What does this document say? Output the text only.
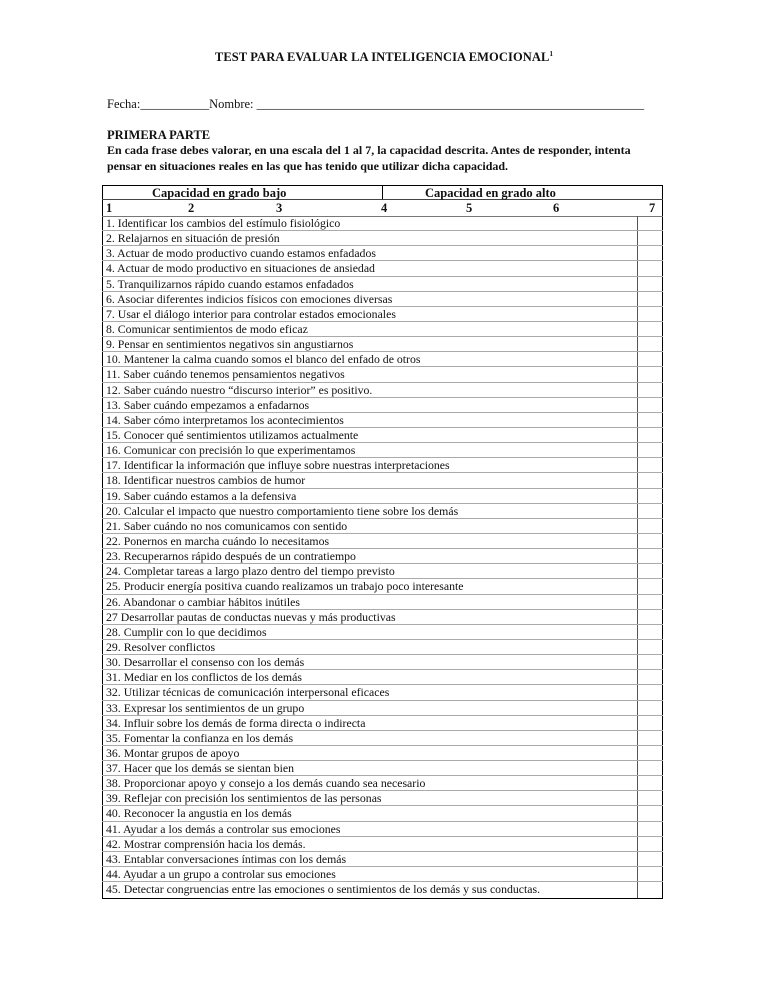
TEST PARA EVALUAR LA INTELIGENCIA EMOCIONAL$^1$
Fecha:___________Nombre: ______________________________________________________________
PRIMERA PARTE
En cada frase debes valorar, en una escala del 1 al 7, la capacidad descrita. Antes de responder, intenta
pensar en situaciones reales en las que has tenido que utilizar dicha capacidad.
Capacidad en grado bajo	Capacidad en grado alto
1	2	3	4	5	6	7
1. Identificar los cambios del estímulo fisiológico
2. Relajarnos en situación de presión
3. Actuar de modo productivo cuando estamos enfadados
4. Actuar de modo productivo en situaciones de ansiedad
5. Tranquilizarnos rápido cuando estamos enfadados
6. Asociar diferentes indicios físicos con emociones diversas
7. Usar el diálogo interior para controlar estados emocionales
8. Comunicar sentimientos de modo eficaz
9. Pensar en sentimientos negativos sin angustiarnos
10. Mantener la calma cuando somos el blanco del enfado de otros
11. Saber cuándo tenemos pensamientos negativos
12. Saber cuándo nuestro “discurso interior” es positivo.
13. Saber cuándo empezamos a enfadarnos
14. Saber cómo interpretamos los acontecimientos
15. Conocer qué sentimientos utilizamos actualmente
16. Comunicar con precisión lo que experimentamos
17. Identificar la información que influye sobre nuestras interpretaciones
18. Identificar nuestros cambios de humor
19. Saber cuándo estamos a la defensiva
20. Calcular el impacto que nuestro comportamiento tiene sobre los demás
21. Saber cuándo no nos comunicamos con sentido
22. Ponernos en marcha cuándo lo necesitamos
23. Recuperarnos rápido después de un contratiempo
24. Completar tareas a largo plazo dentro del tiempo previsto
25. Producir energía positiva cuando realizamos un trabajo poco interesante
26. Abandonar o cambiar hábitos inútiles
27 Desarrollar pautas de conductas nuevas y más productivas
28. Cumplir con lo que decidimos
29. Resolver conflictos
30. Desarrollar el consenso con los demás
31. Mediar en los conflictos de los demás
32. Utilizar técnicas de comunicación interpersonal eficaces
33. Expresar los sentimientos de un grupo
34. Influir sobre los demás de forma directa o indirecta
35. Fomentar la confianza en los demás
36. Montar grupos de apoyo
37. Hacer que los demás se sientan bien
38. Proporcionar apoyo y consejo a los demás cuando sea necesario
39. Reflejar con precisión los sentimientos de las personas
40. Reconocer la angustia en los demás
41. Ayudar a los demás a controlar sus emociones
42. Mostrar comprensión hacia los demás.
43. Entablar conversaciones íntimas con los demás
44. Ayudar a un grupo a controlar sus emociones
45. Detectar congruencias entre las emociones o sentimientos de los demás y sus conductas.
